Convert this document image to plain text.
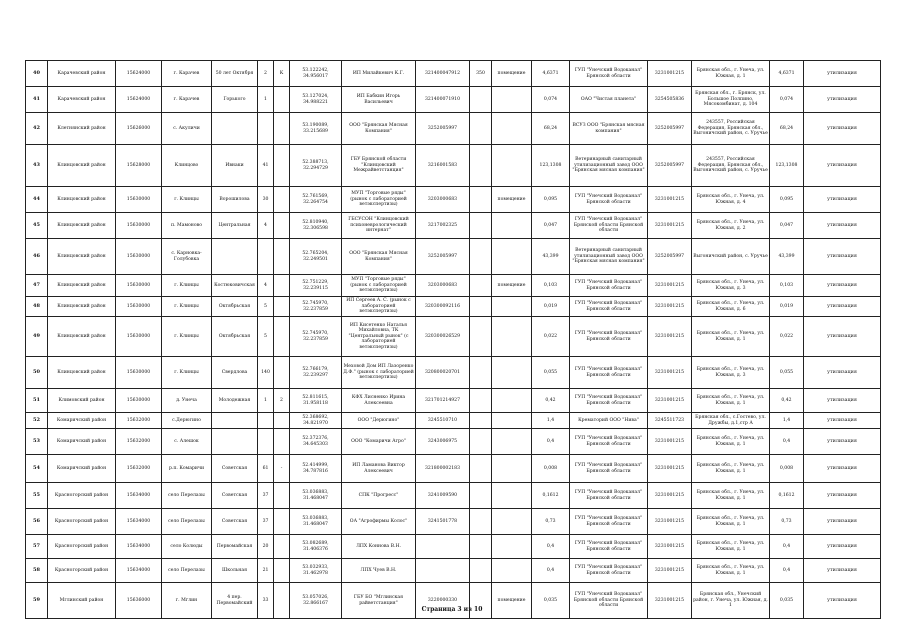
40	Карачевский район	15624000	г. Карачев	50 лет Октября	2	К	53.122242, 34.956017	ИП Милайкевич К.Г.	321400047912	350	помещение	4,6371	ГУП "Унечский Водоканал" Брянской области	3231001215	Брянская обл., г. Унеча, ул. Южная, д. 1	4,6371	утилизация
41	Карачевский район	15624000	г. Карачев	Горького	1		53.127024, 34.988221	ИП Бабкин Игорь Васильевич	321400071910			0,074	ОАО "Чистая планета"	3254505836	Брянская обл., г. Брянск, ул. Большое Полпино, Мясокомбинат, д. 104	0,074	утилизация
42	Клетнянский район	15626000	с. Акуличи				53.190089, 33.215689	ООО "Брянская Мясная Компания"	3252005997			68,24	ВСУЗ ООО "Брянская мясная компания"	3252005997	243557, Российская Федерация, Брянская обл., Выгоничский район, с. Уручье	68,24	утилизация
43	Клинцовский район	15628000	Клинцово	Ивнаки	41		52.388713, 32.294729	ГБУ Брянской области "Клинцовский Межрайветстанция"	3216001583			123,1308	Ветеринарный санитарный утилизационный завод ООО "Брянская мясная компания"	3252005997	243557, Российская Федерация, Брянская обл., Выгоничский район, с. Уручье	123,1308	утилизация
44	Клинцовский район	15630000	г. Клинцы	Ворошилова	30		52.761569, 32.264754	МУП "Торговые ряды" (рынок с лабораторией ветэкспертизы)	3203000683		помещение	0,095	ГУП "Унечский Водоканал" Брянской области	3231001215	Брянская обл., г. Унеча, ул. Южная, д. 4	0,095	утилизация
45	Клинцовский район	15630000	п. Мамоново	Центральная	4		52.810940, 32.306598	ГБСУСОН "Клинцовский психоневрологический интернат"	3217002325			0,047	ГУП "Унечский Водоканал" Брянской области Брянской области	3231001215	Брянская обл., г. Унеча, ул. Южная, д. 2	0,047	утилизация
46	Клинцовский район	15630000	с. Карновка-Голубовка				52.765204, 32.249501	ООО "Брянская Мясная Компания"	3252005997			43,399	Ветеринарный санитарный утилизационный завод ООО "Брянская мясная компания"	3252005997	Выгоничский район, с. Уручье	43,399	утилизация
47	Клинцовский район	15630000	г. Клинцы	Костюковичская	4		52.751229, 32.239115	МУП "Торговые ряды" (рынок с лабораторией ветэкспертизы)	3203000683		помещение	0,103	ГУП "Унечский Водоканал" Брянской области	3231001215	Брянская обл., г. Унеча, ул. Южная, д. 3	0,103	утилизация
48	Клинцовский район	15630000	г. Клинцы	Октябрьская	5		52.745970, 32.237859	ИП Сергеев А. С. (рынок с лабораторией ветэкспертизы)	320300092116			0,019	ГУП "Унечский Водоканал" Брянской области	3231001215	Брянская обл., г. Унеча, ул. Южная, д. 6	0,019	утилизация
49	Клинцовский район	15630000	г. Клинцы	Октябрьская	5		52.745970, 32.237859	ИП Кисетенко Наталья Михайловна, ТК "Центральный рынок" (с лабораторией ветэкспертизы)	320300026529			0,022	ГУП "Унечский Водоканал" Брянской области	3231001215	Брянская обл., г. Унеча, ул. Южная, д. 1	0,022	утилизация
50	Клинцовский район	15630000	г. Клинцы	Свердлова	140		52.766179, 32.239297	Меховой Дом ИП Лазоренко Д.Ф." (рынок с лабораторией ветэкспертизы)	320800020701			0,055	ГУП "Унечский Водоканал" Брянской области	3231001215	Брянская обл., г. Унеча, ул. Южная, д. 3	0,055	утилизация
51	Климовский район	15630000	д. Унеча	Молодежная	1	2	52.811615, 31.958118	КФХ Лисненко Ирина Алексеевна	321701214927			0,42	ГУП "Унечский Водоканал" Брянской области	3231001215	Брянская обл., г. Унеча, ул. Южная, д. 1	0,42	утилизация
52	Комаричский район	15632000	с.Дерюгино				52.368692, 34.821970	ООО "Дерюгино"	3245510710			1,4	Крематорий ООО "Нива"	3245511723	Брянская обл., с.Гостево, ул. Дружбы, д.1,стр А	1,4	утилизация
53	Комаричский район	15632000	с. Алешок				52.372376, 34.645303	ООО "Комаричи Агро"	3243006975			0,4	ГУП "Унечский Водоканал" Брянской области	3231001215	Брянская обл., г. Унеча, ул. Южная, д. 1	0,4	утилизация
54	Комаричский район	15632000	р.п. Комаричи	Советская	61	-	52.414999, 34.787816	ИП Ламанова Виктор Алексеевич	321800002183			0,008	ГУП "Унечский Водоканал" Брянской области	3231001215	Брянская обл., г. Унеча, ул. Южная, д. 1	0,008	утилизация
55	Красногорский район	15634000	село Перелазы	Советская	37		53.036883, 31.468047	СПК "Прогресс"	3241009590			0,1612	ГУП "Унечский Водоканал" Брянской области	3231001215	Брянская обл., г. Унеча, ул. Южная, д. 1	0,1612	утилизация
56	Красногорский район	15634000	село Перелазы	Советская	37		53.036883, 31.468047	ОА "Агрофирмы Колос"	3241501778			0,73	ГУП "Унечский Водоканал" Брянской области	3231001215	Брянская обл., г. Унеча, ул. Южная, д. 1	0,73	утилизация
57	Красногорский район	15634000	село Колюды	Первомайская	20		53.082689, 31.406376	ЛПХ Коннова В.Н.				0,4	ГУП "Унечский Водоканал" Брянской области	3231001215	Брянская обл., г. Унеча, ул. Южная, д. 1	0,4	утилизация
58	Красногорский район	15634000	село Перелазы	Школьная	21		53.032933, 31.462978	ЛПХ Чуев В.Н.				0,4	ГУП "Унечский Водоканал" Брянской области	3231001215	Брянская обл., г. Унеча, ул. Южная, д. 1	0,4	утилизация
59	Мглинский район	15636000	г. Мглин	4 пер. Первомайский	33		53.057026, 32.866167	ГБУ БО "Мглинская райветстанция"	3220000330		помещение	0,035	ГУП "Унечский Водоканал" Брянской области Брянской области	3231001215	Брянская обл., Унечский район, г. Унеча, ул. Южная, д. 1	0,035	утилизация
Страница 3 из 10
